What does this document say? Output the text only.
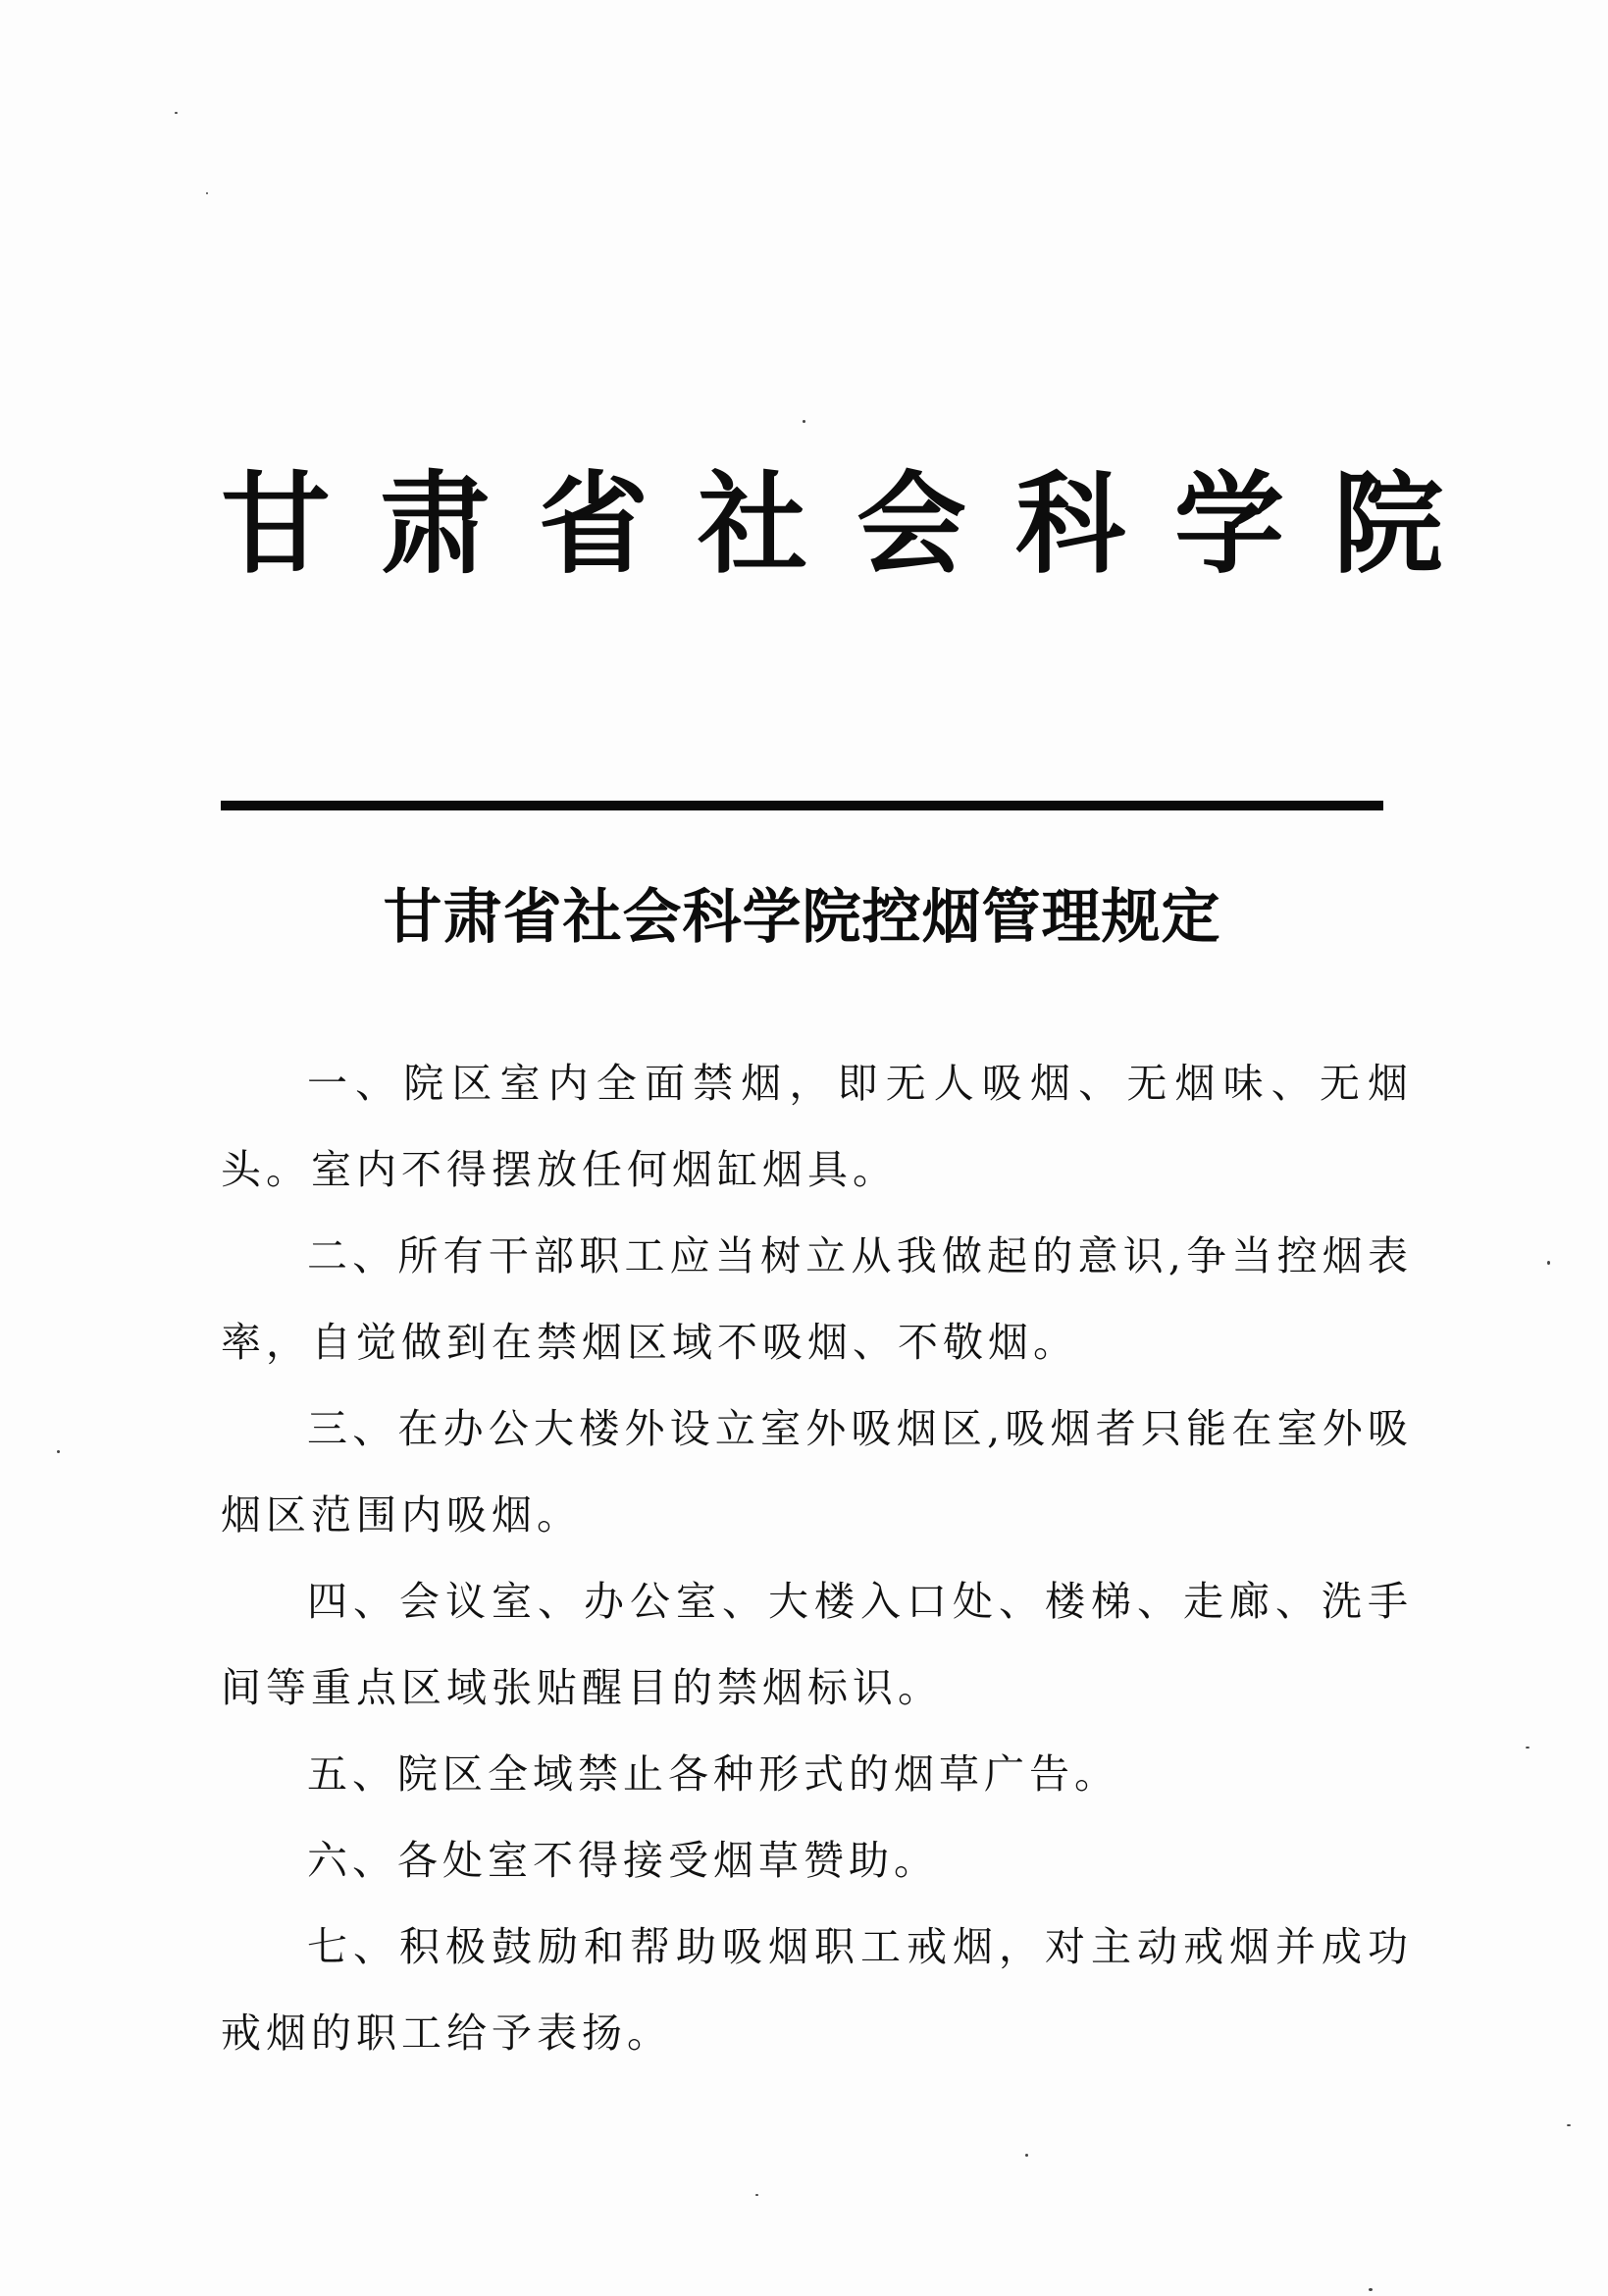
甘肃省社会科学院
甘肃省社会科学院控烟管理规定

一、院区室内全面禁烟，即无人吸烟、无烟味、无烟头。室内不得摆放任何烟缸烟具。

二、所有干部职工应当树立从我做起的意识,争当控烟表率，自觉做到在禁烟区域不吸烟、不敬烟。

三、在办公大楼外设立室外吸烟区,吸烟者只能在室外吸烟区范围内吸烟。

四、会议室、办公室、大楼入口处、楼梯、走廊、洗手间等重点区域张贴醒目的禁烟标识。

五、院区全域禁止各种形式的烟草广告。

六、各处室不得接受烟草赞助。

七、积极鼓励和帮助吸烟职工戒烟，对主动戒烟并成功戒烟的职工给予表扬。
